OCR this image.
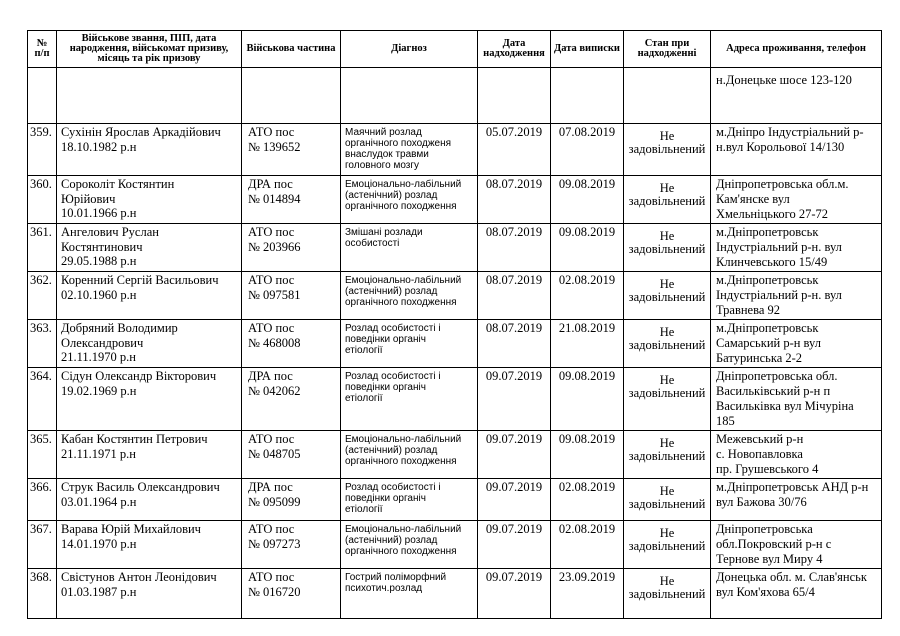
№ п/п	Військове звання, ПІП, дата народження, військомат призиву, місяць та рік призову	Військова частина	Діагноз	Дата надходження	Дата виписки	Стан при надходженні	Адреса проживання, телефон

							н.Донецьке шосе 123-120

359.	Сухінін Ярослав Аркадійович
18.10.1982 р.н	АТО пос
№ 139652	Маячний розлад
органічного походженя
внаслудок травми
головного мозгу	05.07.2019	07.08.2019	Не
задовільнений	м.Дніпро Індустріальний р-
н.вул Корольової 14/130

360.	Сороколіт Костянтин
Юрійович
10.01.1966 р.н	ДРА пос
№ 014894	Емоціонально-лабільний
(астенічний) розлад
органічного походження	08.07.2019	09.08.2019	Не
задовільнений	Дніпропетровська обл.м.
Кам'янске вул
Хмельніцького 27-72

361.	Ангелович Руслан
Костянтинович
29.05.1988 р.н	АТО пос
№ 203966	Змішані розлади
особистості	08.07.2019	09.08.2019	Не
задовільнений	м.Дніпропетровськ
Індустріальний р-н. вул
Клинчевського 15/49

362.	Коренний Сергій Васильович
02.10.1960 р.н	АТО пос
№ 097581	Емоціонально-лабільний
(астенічний) розлад
органічного походження	08.07.2019	02.08.2019	Не
задовільнений	м.Дніпропетровськ
Індустріальний р-н. вул
Травнева 92

363.	Добряний Володимир
Олександрович
21.11.1970 р.н	АТО пос
№ 468008	Розлад особистості і
поведінки органіч
етіології	08.07.2019	21.08.2019	Не
задовільнений	м.Дніпропетровськ
Самарський р-н вул
Батуринська 2-2

364.	Сідун Олександр Вікторович
19.02.1969 р.н	ДРА пос
№ 042062	Розлад особистості і
поведінки органіч
етіології	09.07.2019	09.08.2019	Не
задовільнений	Дніпропетровська обл.
Васильківський р-н п
Васильківка вул Мічуріна
185

365.	Кабан Костянтин Петрович
21.11.1971 р.н	АТО пос
№ 048705	Емоціонально-лабільний
(астенічний) розлад
органічного походження	09.07.2019	09.08.2019	Не
задовільнений	Межевський р-н
с. Новопавловка
пр. Грушевського 4

366.	Струк Василь Олександрович
03.01.1964 р.н	ДРА пос
№ 095099	Розлад особистості і
поведінки органіч
етіології	09.07.2019	02.08.2019	Не
задовільнений	м.Дніпропетровськ АНД р-н
вул Бажова 30/76

367.	Варава Юрій Михайлович
14.01.1970 р.н	АТО пос
№ 097273	Емоціонально-лабільний
(астенічний) розлад
органічного походження	09.07.2019	02.08.2019	Не
задовільнений	Дніпропетровська
обл.Покровский р-н с
Тернове вул Миру 4

368.	Свістунов Антон Леонідович
01.03.1987 р.н	АТО пос
№ 016720	Гострий поліморфний
психотич.розлад	09.07.2019	23.09.2019	Не
задовільнений	Донецька обл. м. Слав'янськ
вул Ком'яхова 65/4
